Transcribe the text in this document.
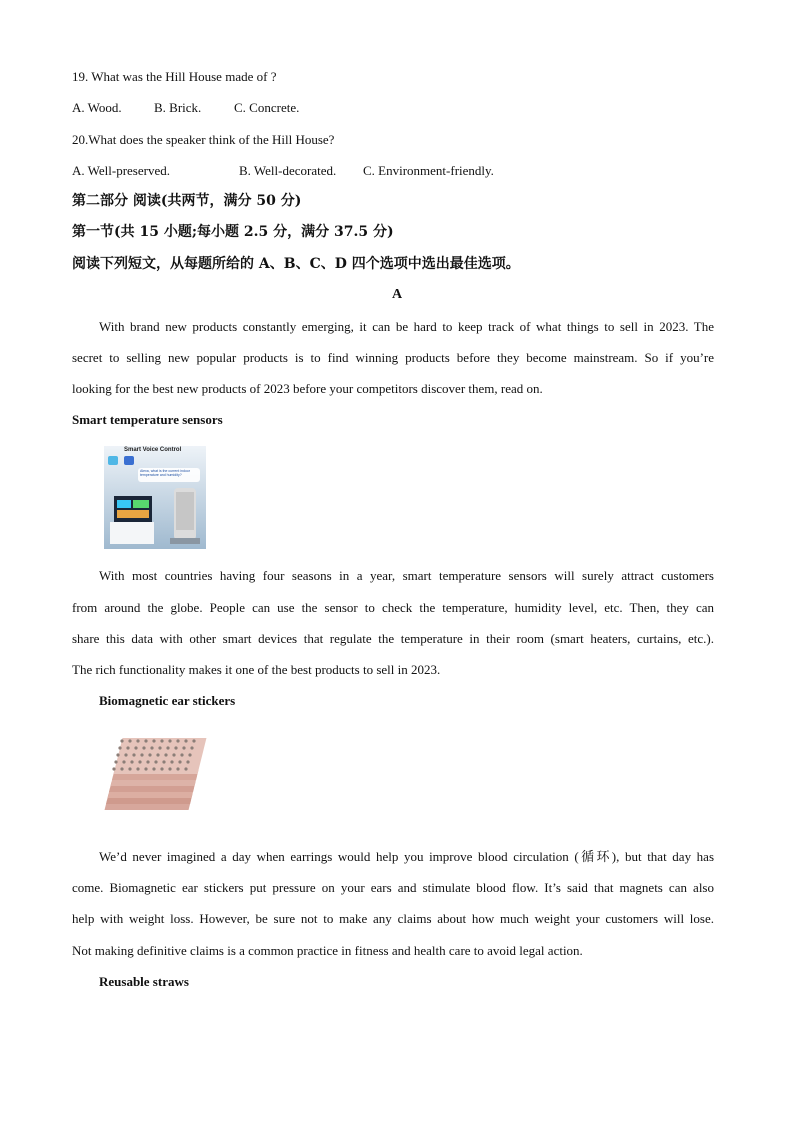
19. What was the Hill House made of ?
A. Wood. B. Brick.	C. Concrete.
20.What does the speaker think of the Hill House?
A. Well-preserved.	B. Well-decorated. C. Environment-friendly.
第二部分 阅读(共两节，满分 50 分)
第一节(共 15 小题;每小题 2.5 分，满分 37.5 分)
阅读下列短文，从每题所给的 A、B、C、D 四个选项中选出最佳选项。
A
With brand new products constantly emerging, it can be hard to keep track of what things to sell in 2023. The
secret to selling new popular products is to find winning products before they become mainstream. So if you’re
looking for the best new products of 2023 before your competitors discover them, read on.
Smart temperature sensors
Smart Voice Control
Alexa, what is the current indoor temperature and humidity?
With most countries having four seasons in a year, smart temperature sensors will surely attract customers
from around the globe. People can use the sensor to check the temperature, humidity level, etc. Then, they can
share this data with other smart devices that regulate the temperature in their room (smart heaters, curtains, etc.).
The rich functionality makes it one of the best products to sell in 2023.
Biomagnetic ear stickers
We’d never imagined a day when earrings would help you improve blood circulation (循环), but that day has
come. Biomagnetic ear stickers put pressure on your ears and stimulate blood flow. It’s said that magnets can also
help with weight loss. However, be sure not to make any claims about how much weight your customers will lose.
Not making definitive claims is a common practice in fitness and health care to avoid legal action.
Reusable straws
